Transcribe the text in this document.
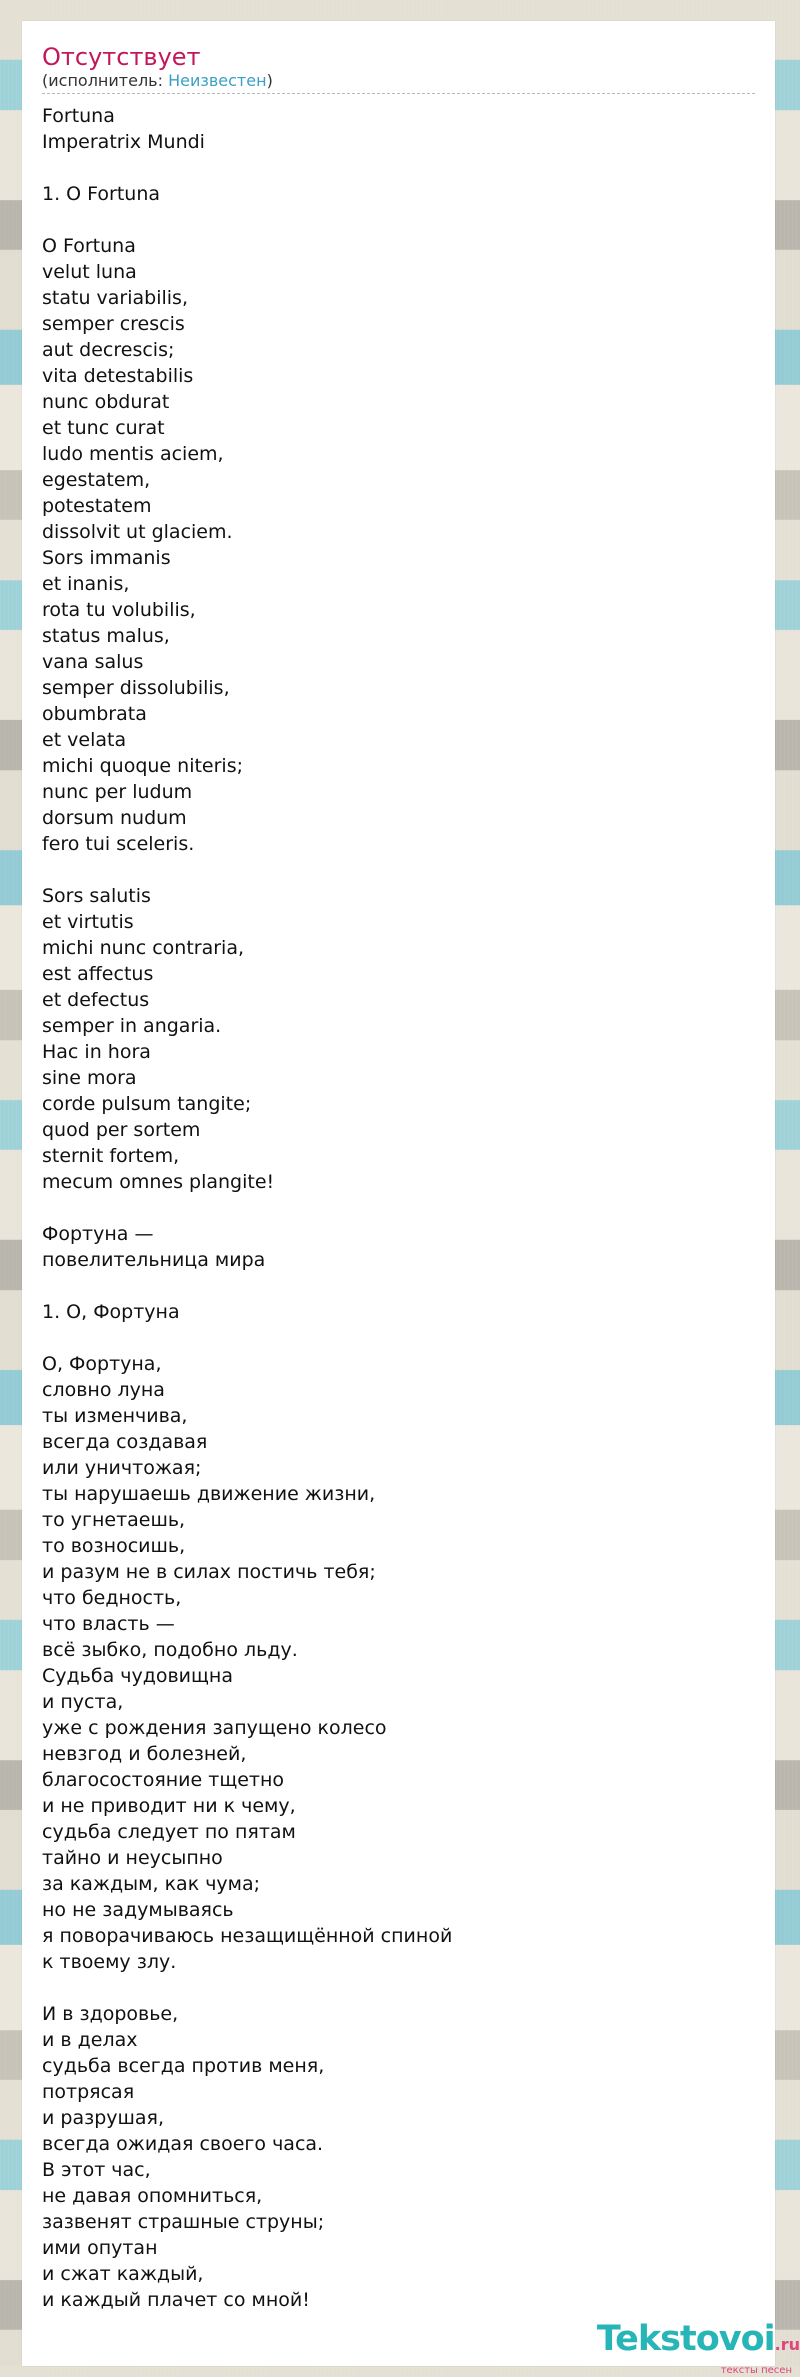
Отсутствует
(исполнитель: Неизвестен)
Fortuna
Imperatrix Mundi
1. O Fortuna
O Fortuna
velut luna
statu variabilis,
semper crescis
aut decrescis;
vita detestabilis
nunc obdurat
et tunc curat
ludo mentis aciem,
egestatem,
potestatem
dissolvit ut glaciem.
Sors immanis
et inanis,
rota tu volubilis,
status malus,
vana salus
semper dissolubilis,
obumbrata
et velata
michi quoque niteris;
nunc per ludum
dorsum nudum
fero tui sceleris.
Sors salutis
et virtutis
michi nunc contraria,
est affectus
et defectus
semper in angaria.
Hac in hora
sine mora
corde pulsum tangite;
quod per sortem
sternit fortem,
mecum omnes plangite!
Фортуна —
повелительница мира
1. О, Фортуна
О, Фортуна,
словно луна
ты изменчива,
всегда создавая
или уничтожая;
ты нарушаешь движение жизни,
то угнетаешь,
то возносишь,
и разум не в силах постичь тебя;
что бедность,
что власть —
всё зыбко, подобно льду.
Судьба чудовищна
и пуста,
уже с рождения запущено колесо
невзгод и болезней,
благосостояние тщетно
и не приводит ни к чему,
судьба следует по пятам
тайно и неусыпно
за каждым, как чума;
но не задумываясь
я поворачиваюсь незащищённой спиной
к твоему злу.
И в здоровье,
и в делах
судьба всегда против меня,
потрясая
и разрушая,
всегда ожидая своего часа.
В этот час,
не давая опомниться,
зазвенят страшные струны;
ими опутан
и сжат каждый,
и каждый плачет со мной!
Tekstovoi.ru
тексты песен
